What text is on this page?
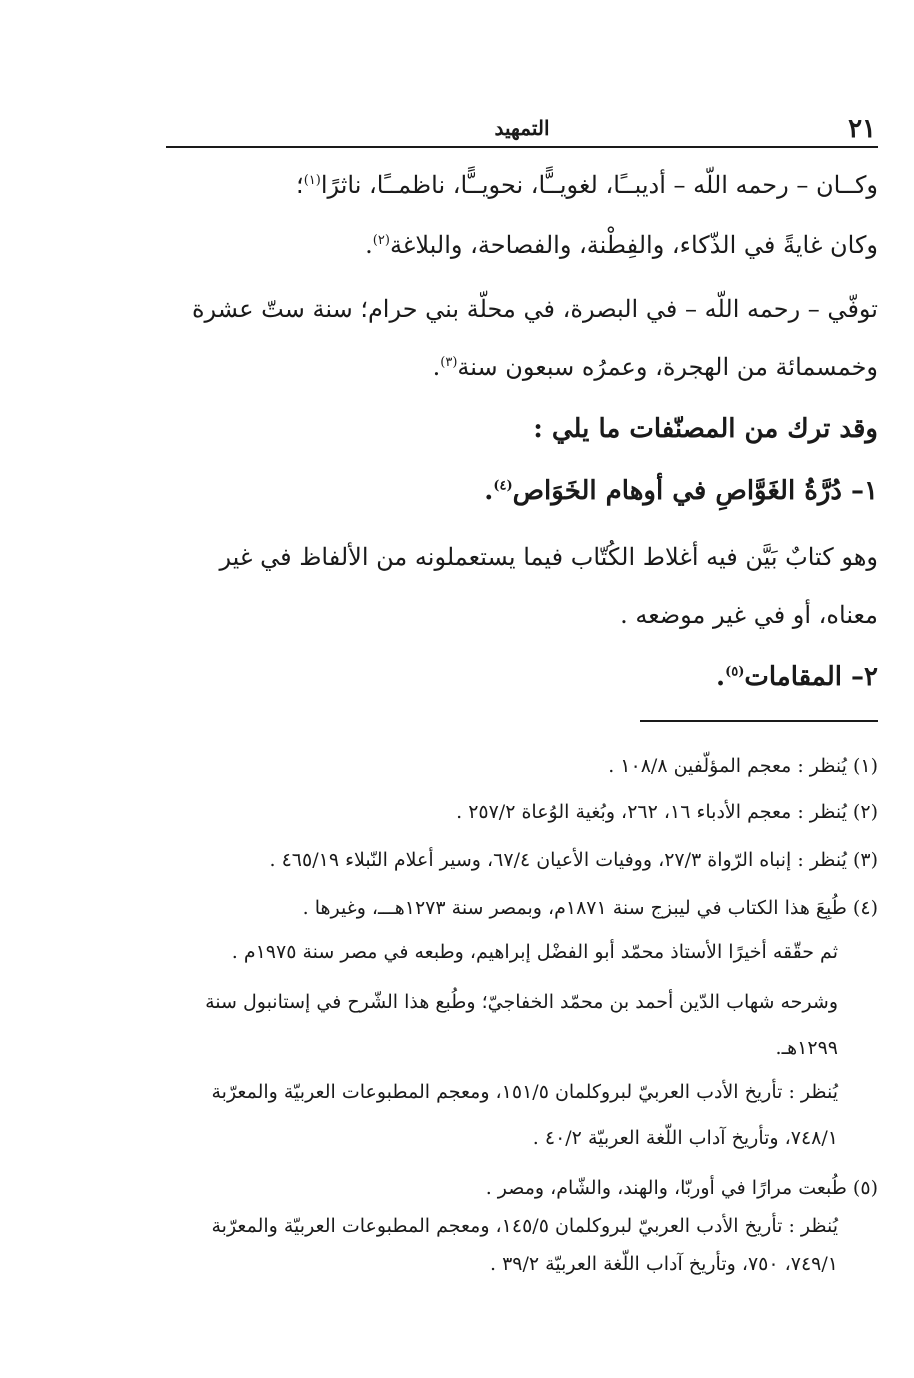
٢١
التمهيد
وكــان – رحمه اللّه – أديبــًا، لغويــًّا، نحويــًّا، ناظمــًا، ناثرًا$^{(١)}$؛
وكان غايةً في الذّكاء، والفِطْنة، والفصاحة، والبلاغة$^{(٢)}$.
توفّي – رحمه اللّه – في البصرة، في محلّة بني حرام؛ سنة ستّ عشرة
وخمسمائة من الهجرة، وعمرُه سبعون سنة$^{(٣)}$.
وقد ترك من المصنّفات ما يلي :
١– دُرَّةُ الغَوَّاصِ في أوهام الخَوَاص$^{(٤)}$.
وهو كتابٌ بَيَّن فيه أغلاط الكُتّاب فيما يستعملونه من الألفاظ في غير
معناه، أو في غير موضعه .
٢– المقامات$^{(٥)}$.
(١) يُنظر : معجم المؤلّفين ١٠٨/٨ .
(٢) يُنظر : معجم الأدباء ١٦، ٢٦٢، وبُغية الوُعاة ٢٥٧/٢ .
(٣) يُنظر : إنباه الرّواة ٢٧/٣، ووفيات الأعيان ٦٧/٤، وسير أعلام النّبلاء ٤٦٥/١٩ .
(٤) طُبِعَ هذا الكتاب في ليبزج سنة ١٨٧١م، وبمصر سنة ١٢٧٣هـــ، وغيرها .
ثم حقّقه أخيرًا الأستاذ محمّد أبو الفضْل إبراهيم، وطبعه في مصر سنة ١٩٧٥م .
وشرحه شهاب الدّين أحمد بن محمّد الخفاجيّ؛ وطُبع هذا الشّرح في إستانبول سنة
١٢٩٩هـ.
يُنظر : تأريخ الأدب العربيّ لبروكلمان ١٥١/٥، ومعجم المطبوعات العربيّة والمعرّبة
٧٤٨/١، وتأريخ آداب اللّغة العربيّة ٤٠/٢ .
(٥) طُبعت مرارًا في أوربّا، والهند، والشّام، ومصر .
يُنظر : تأريخ الأدب العربيّ لبروكلمان ١٤٥/٥، ومعجم المطبوعات العربيّة والمعرّبة
٧٤٩/١، ٧٥٠، وتأريخ آداب اللّغة العربيّة ٣٩/٢ .
